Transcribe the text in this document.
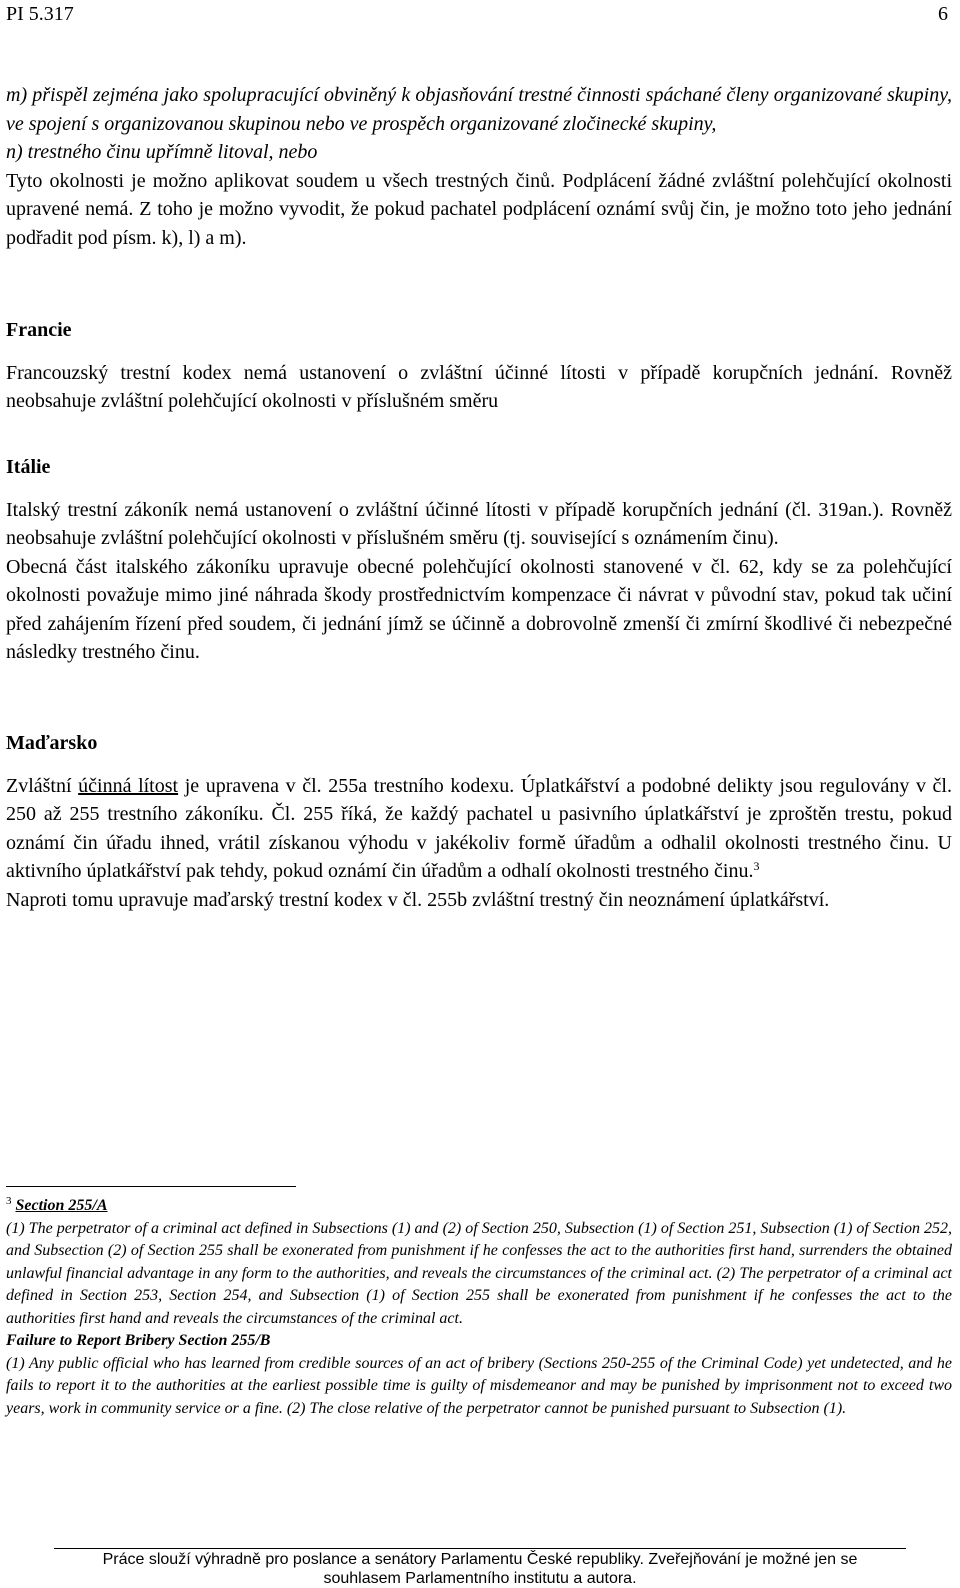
PI 5.317	6

m) přispěl zejména jako spolupracující obviněný k objasňování trestné činnosti spáchané členy organizované skupiny, ve spojení s organizovanou skupinou nebo ve prospěch organizované zločinecké skupiny,

n) trestného činu upřímně litoval, nebo

Tyto okolnosti je možno aplikovat soudem u všech trestných činů. Podplácení žádné zvláštní polehčující okolnosti upravené nemá. Z toho je možno vyvodit, že pokud pachatel podplácení oznámí svůj čin, je možno toto jeho jednání podřadit pod písm. k), l) a m).

Francie

Francouzský trestní kodex nemá ustanovení o zvláštní účinné lítosti v případě korupčních jednání. Rovněž neobsahuje zvláštní polehčující okolnosti v příslušném směru

Itálie

Italský trestní zákoník nemá ustanovení o zvláštní účinné lítosti v případě korupčních jednání (čl. 319an.). Rovněž neobsahuje zvláštní polehčující okolnosti v příslušném směru (tj. související s oznámením činu).

Obecná část italského zákoníku upravuje obecné polehčující okolnosti stanovené v čl. 62, kdy se za polehčující okolnosti považuje mimo jiné náhrada škody prostřednictvím kompenzace či návrat v původní stav, pokud tak učiní před zahájením řízení před soudem, či jednání jímž se účinně a dobrovolně zmenší či zmírní škodlivé či nebezpečné následky trestného činu.

Maďarsko

Zvláštní účinná lítost je upravena v čl. 255a trestního kodexu. Úplatkářství a podobné delikty jsou regulovány v čl. 250 až 255 trestního zákoníku. Čl. 255 říká, že každý pachatel u pasivního úplatkářství je zproštěn trestu, pokud oznámí čin úřadu ihned, vrátil získanou výhodu v jakékoliv formě úřadům a odhalil okolnosti trestného činu. U aktivního úplatkářství pak tehdy, pokud oznámí čin úřadům a odhalí okolnosti trestného činu.$^3$

Naproti tomu upravuje maďarský trestní kodex v čl. 255b zvláštní trestný čin neoznámení úplatkářství.

$^3$ Section 255/A

(1) The perpetrator of a criminal act defined in Subsections (1) and (2) of Section 250, Subsection (1) of Section 251, Subsection (1) of Section 252, and Subsection (2) of Section 255 shall be exonerated from punishment if he confesses the act to the authorities first hand, surrenders the obtained unlawful financial advantage in any form to the authorities, and reveals the circumstances of the criminal act. (2) The perpetrator of a criminal act defined in Section 253, Section 254, and Subsection (1) of Section 255 shall be exonerated from punishment if he confesses the act to the authorities first hand and reveals the circumstances of the criminal act.

Failure to Report Bribery Section 255/B

(1) Any public official who has learned from credible sources of an act of bribery (Sections 250-255 of the Criminal Code) yet undetected, and he fails to report it to the authorities at the earliest possible time is guilty of misdemeanor and may be punished by imprisonment not to exceed two years, work in community service or a fine. (2) The close relative of the perpetrator cannot be punished pursuant to Subsection (1).

Práce slouží výhradně pro poslance a senátory Parlamentu České republiky. Zveřejňování je možné jen se
souhlasem Parlamentního institutu a autora.
